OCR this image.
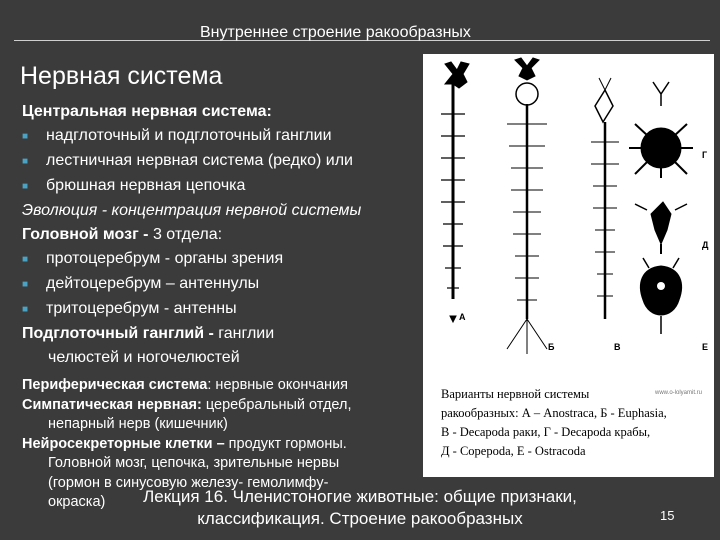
Внутреннее строение ракообразных
Нервная система
Центральная нервная система:
■ надглоточный и подглоточный ганглии
■ лестничная нервная система (редко) или
■ брюшная нервная цепочка
Эволюция - концентрация нервной системы
Головной мозг - 3 отдела:
■ протоцеребрум - органы зрения
■ дейтоцеребрум – антеннулы
■ тритоцеребрум - антенны
Подглоточный ганглий - ганглии
челюстей и ногочелюстей
Периферическая система: нервные окончания
Симпатическая нервная: церебральный отдел,
непарный нерв (кишечник)
Нейросекреторные клетки – продукт гормоны.
Головной мозг, цепочка, зрительные нервы
(гормон в синусовую железу- гемолимфу-
окраска)
А
Б	В
Г
Д
Е
Варианты нервной системы
ракообразных: А – Anostraca, Б - Euphasia,
В - Decapoda раки, Г - Decapoda крабы,
Д - Copepoda, Е - Ostracoda
www.o-lolyamit.ru
Лекция 16. Членистоногие животные: общие признаки,
классификация. Строение ракообразных	15
